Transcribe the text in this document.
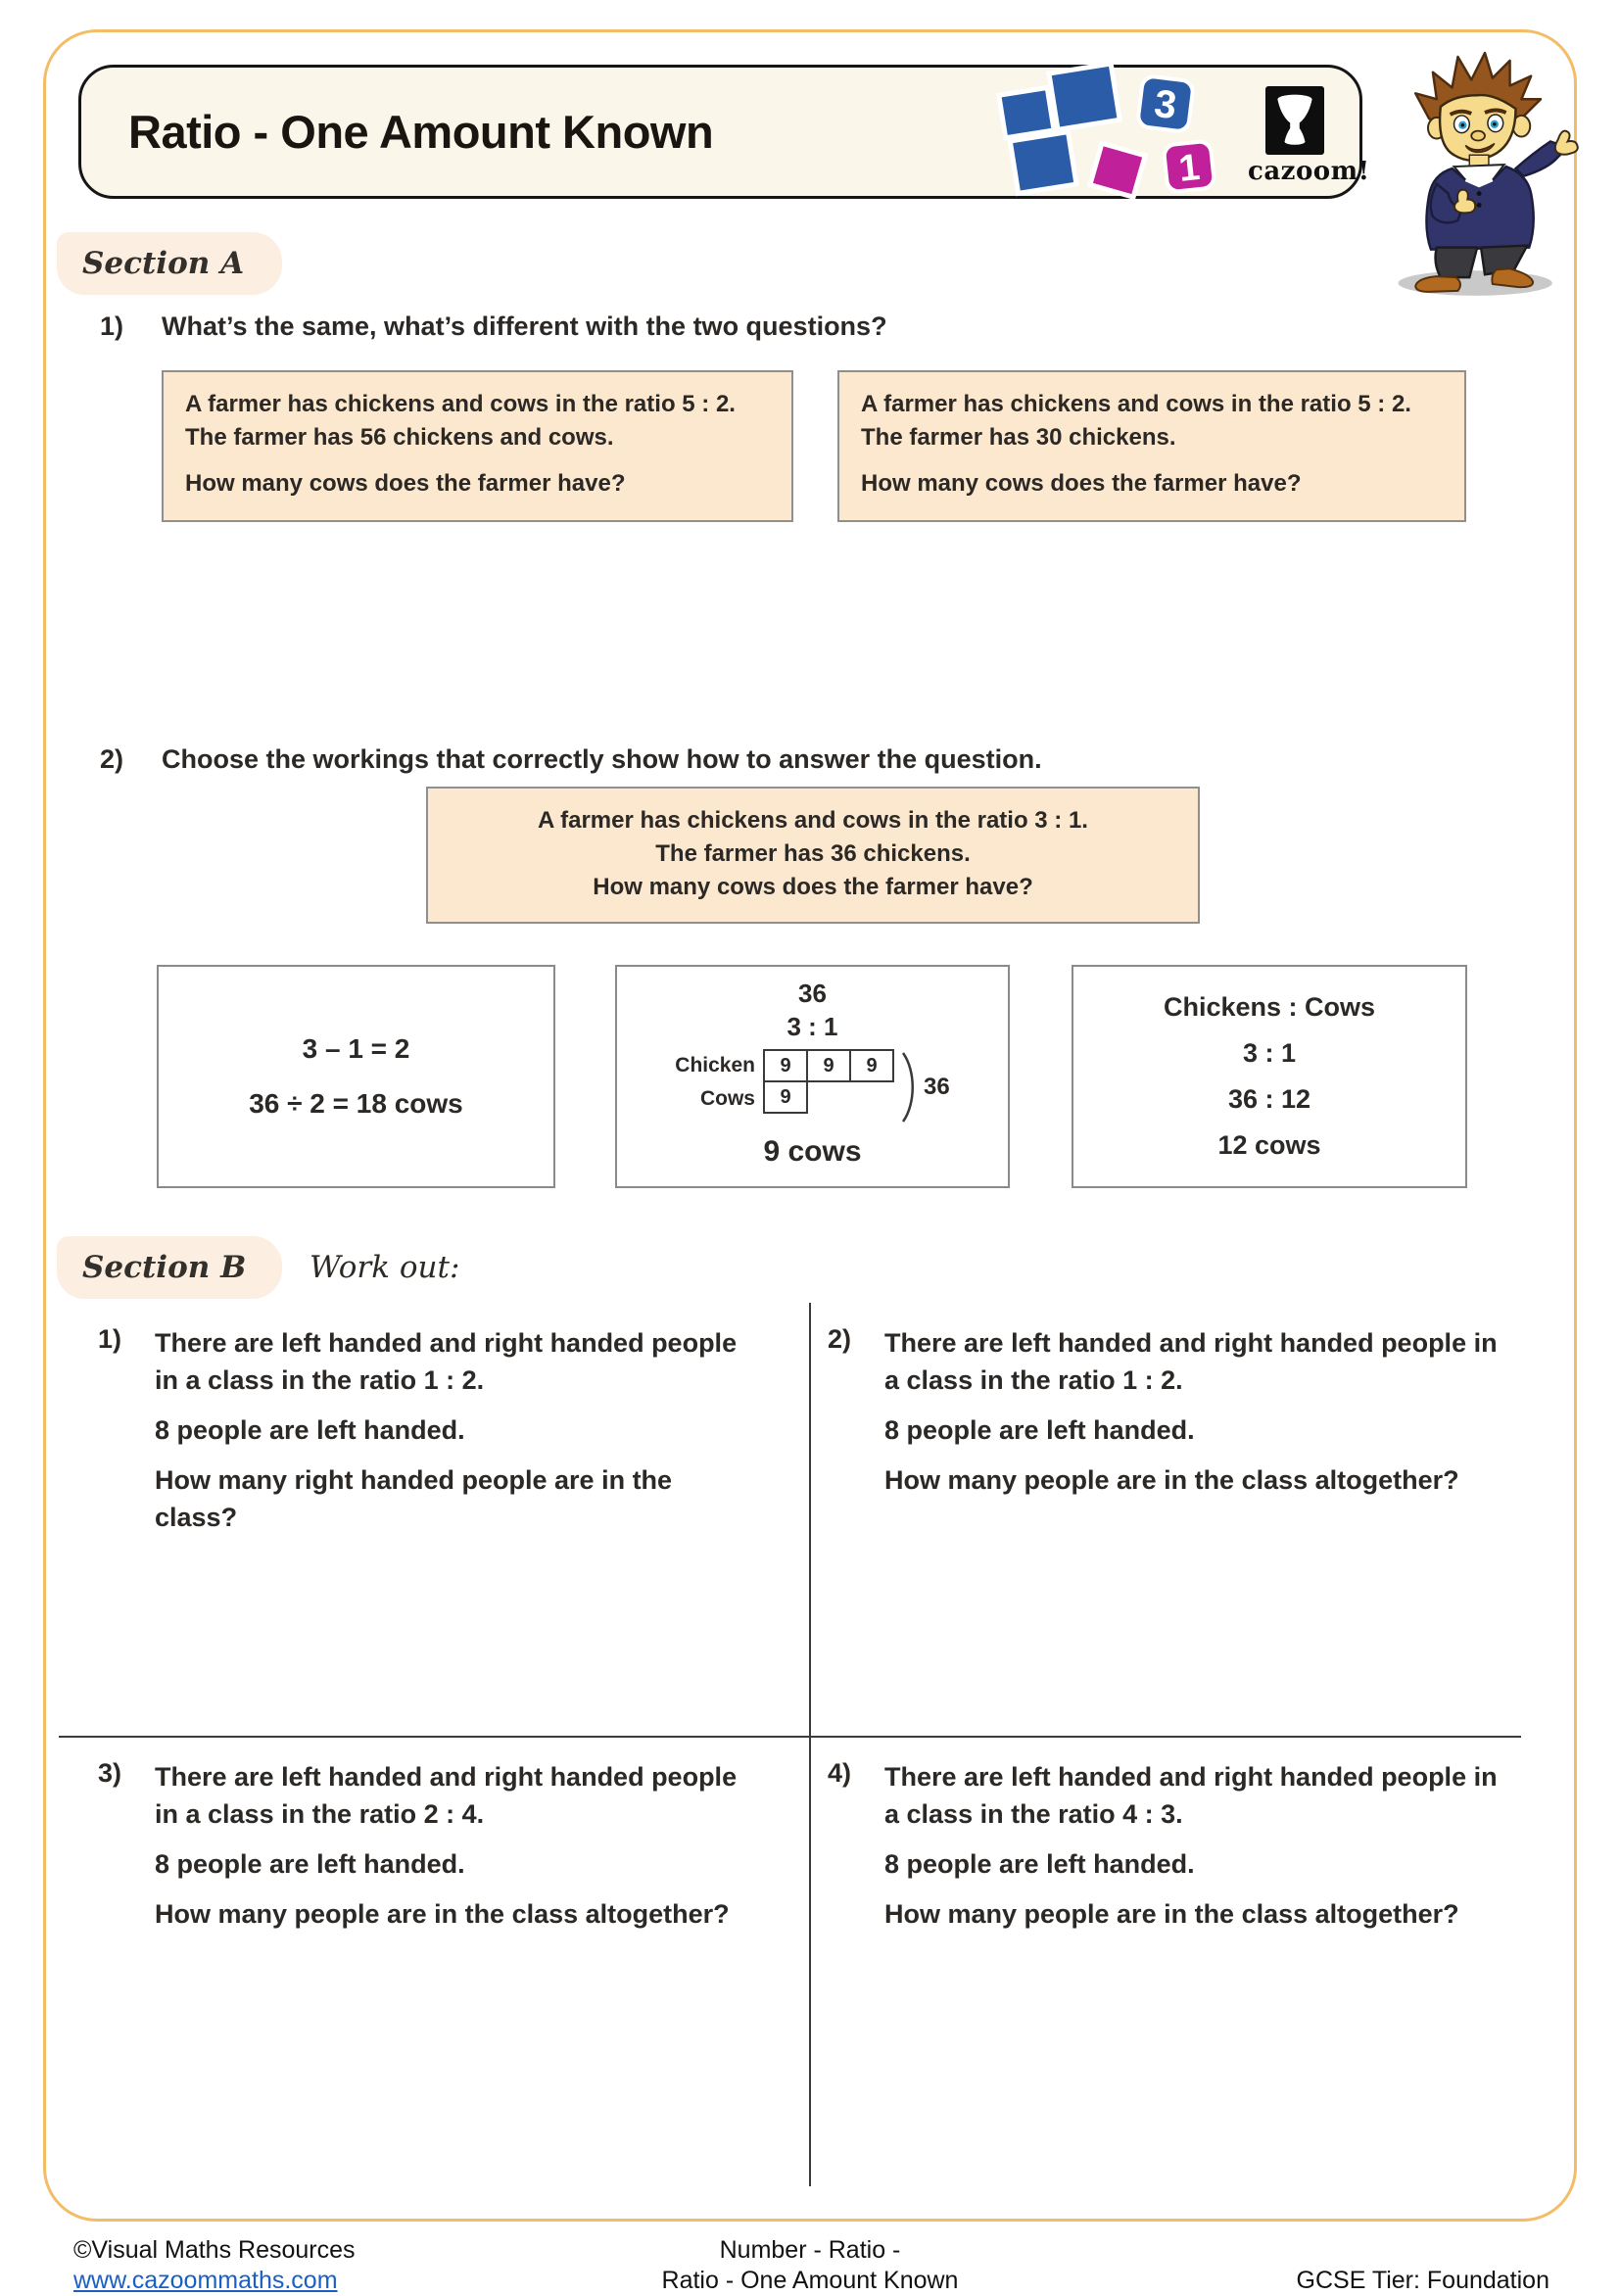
Ratio - One Amount Known
3
1 cazoom!
Section A
1) What’s the same, what’s different with the two questions?

A farmer has chickens and cows in the ratio 5 : 2. The farmer has 56 chickens and cows.

How many cows does the farmer have?

A farmer has chickens and cows in the ratio 5 : 2. The farmer has 30 chickens.

How many cows does the farmer have?

2) Choose the workings that correctly show how to answer the question.

A farmer has chickens and cows in the ratio 3 : 1.

The farmer has 36 chickens.

How many cows does the farmer have?

3 – 1 = 2
36 ÷ 2 = 18 cows
36
3 : 1
Chicken
Cows
9	9	9
9	36
9 cows
Chickens : Cows
3 : 1
36 : 12
12 cows
Section B Work out:
1) There are left handed and right handed people in a class in the ratio 1 : 2.

8 people are left handed.

How many right handed people are in the class?

2) There are left handed and right handed people in a class in the ratio 1 : 2.

8 people are left handed.

How many people are in the class altogether?

3) There are left handed and right handed people in a class in the ratio 2 : 4.

8 people are left handed.

How many people are in the class altogether?

4) There are left handed and right handed people in a class in the ratio 4 : 3.

8 people are left handed.

How many people are in the class altogether?

©Visual Maths Resources
www.cazoommaths.com
Number - Ratio -
Ratio - One Amount Known	GCSE Tier: Foundation
